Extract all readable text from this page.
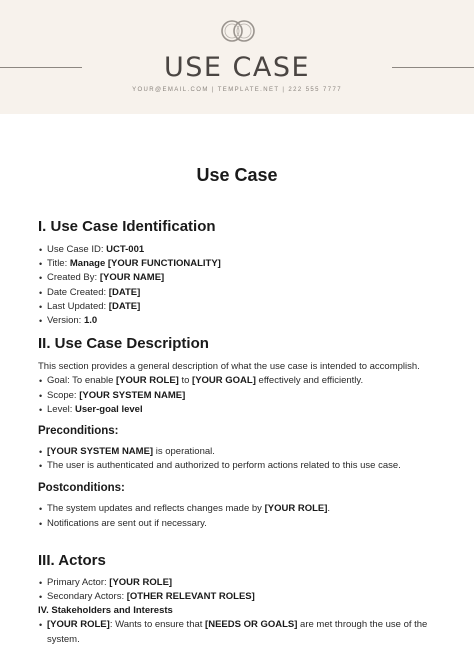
USE CASE
YOUR@EMAIL.COM | TEMPLATE.NET | 222 555 7777
Use Case
I. Use Case Identification
• Use Case ID: UCT-001
• Title: Manage [YOUR FUNCTIONALITY]
• Created By: [YOUR NAME]
• Date Created: [DATE]
• Last Updated: [DATE]
• Version: 1.0
II. Use Case Description

This section provides a general description of what the use case is intended to accomplish.

• Goal: To enable [YOUR ROLE] to [YOUR GOAL] effectively and efficiently.
• Scope: [YOUR SYSTEM NAME]
• Level: User-goal level
Preconditions:
• [YOUR SYSTEM NAME] is operational.
• The user is authenticated and authorized to perform actions related to this use case.
Postconditions:
• The system updates and reflects changes made by [YOUR ROLE].
• Notifications are sent out if necessary.
III. Actors
• Primary Actor: [YOUR ROLE]
• Secondary Actors: [OTHER RELEVANT ROLES]

IV. Stakeholders and Interests

• [YOUR ROLE]: Wants to ensure that [NEEDS OR GOALS] are met through the use of the system.
